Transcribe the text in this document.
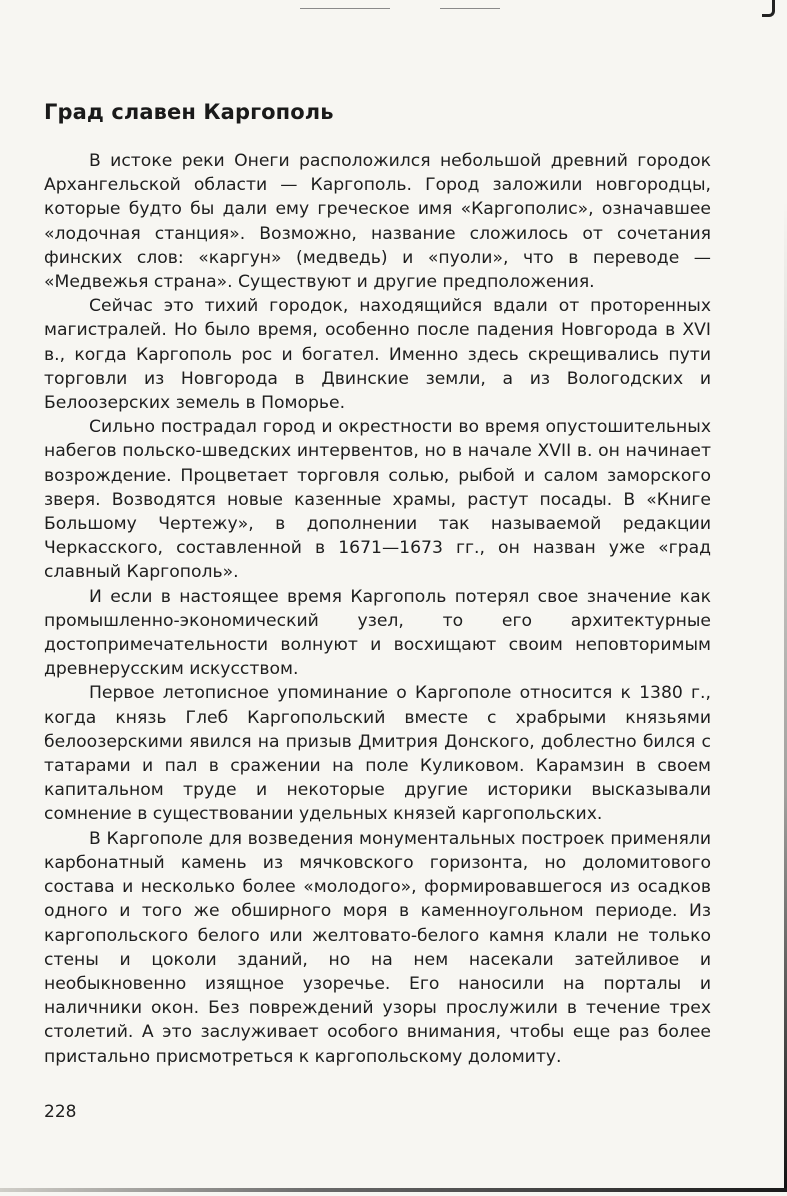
Град славен Каргополь

В истоке реки Онеги расположился небольшой древний городок Архангельской области — Каргополь. Город заложили новгородцы, которые будто бы дали ему греческое имя «Каргополис», означавшее «лодочная станция». Возможно, название сложилось от сочетания финских слов: «каргун» (медведь) и «пуоли», что в переводе — «Медвежья страна». Существуют и другие предположения.

Сейчас это тихий городок, находящийся вдали от проторенных магистралей. Но было время, особенно после падения Новгорода в XVI в., когда Каргополь рос и богател. Именно здесь скрещивались пути торговли из Новгорода в Двинские земли, а из Вологодских и Белоозерских земель в Поморье.

Сильно пострадал город и окрестности во время опустошительных набегов польско-шведских интервентов, но в начале XVII в. он начинает возрождение. Процветает торговля солью, рыбой и салом заморского зверя. Возводятся новые казенные храмы, растут посады. В «Книге Большому Чертежу», в дополнении так называемой редакции Черкасского, составленной в 1671—1673 гг., он назван уже «град славный Каргополь».

И если в настоящее время Каргополь потерял свое значение как промышленно-экономический узел, то его архитектурные достопримечательности волнуют и восхищают своим неповторимым древнерусским искусством.

Первое летописное упоминание о Каргополе относится к 1380 г., когда князь Глеб Каргопольский вместе с храбрыми князьями белоозерскими явился на призыв Дмитрия Донского, доблестно бился с татарами и пал в сражении на поле Куликовом. Карамзин в своем капитальном труде и некоторые другие историки высказывали сомнение в существовании удельных князей каргопольских.

В Каргополе для возведения монументальных построек применяли карбонатный камень из мячковского горизонта, но доломитового состава и несколько более «молодого», формировавшегося из осадков одного и того же обширного моря в каменноугольном периоде. Из каргопольского белого или желтовато-белого камня клали не только стены и цоколи зданий, но на нем насекали затейливое и необыкновенно изящное узоречье. Его наносили на порталы и наличники окон. Без повреждений узоры прослужили в течение трех столетий. А это заслуживает особого внимания, чтобы еще раз более пристально присмотреться к каргопольскому доломиту.

228
